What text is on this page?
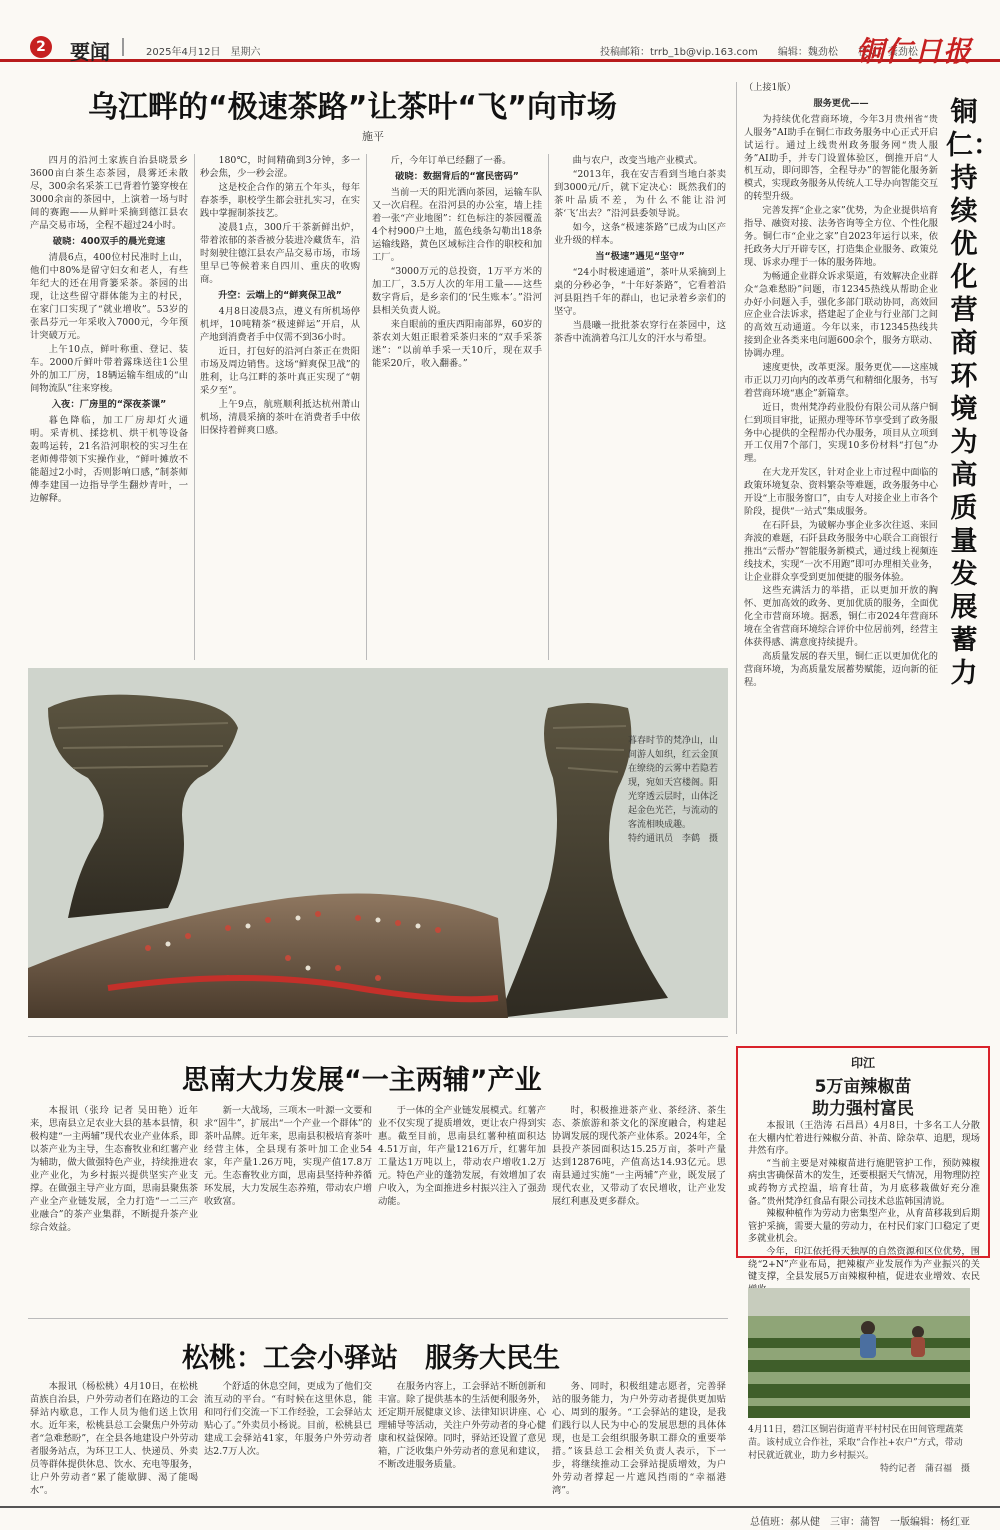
2	要闻	2025年4月12日　星期六	投稿邮箱：trrb_1b@vip.163.com　　编辑：魏劲松　　校对：龚劲松
铜仁日报
乌江畔的“极速茶路”让茶叶“飞”向市场
施平

四月的沿河土家族自治县晓景乡3600亩白茶生态茶园，晨雾还未散尽，300余名采茶工已背着竹篓穿梭在3000余亩的茶园中，上演着一场与时间的赛跑——从鲜叶采摘到德江县农产品交易市场，全程不超过24小时。

破晓：400双手的晨光竞速

清晨6点，400位村民准时上山，他们中80%是留守妇女和老人，有些年纪大的还在用背篓采茶。茶园的出现，让这些留守群体能为主的村民，在家门口实现了“就业增收”。53岁的张昌芬元一年采收入7000元，今年预计突破万元。

上午10点，鲜叶称重、登记、装车。2000斤鲜叶带着露珠送往1公里外的加工厂房，18辆运输车组成的“山间物流队”往来穿梭。

入夜：厂房里的“深夜茶课”

暮色降临，加工厂房却灯火通明。采青机、揉捻机、烘干机等设备轰鸣运转，21名沿河职校的实习生在老师傅带领下实操作业，“鲜叶摊放不能超过2小时，否则影响口感，”制茶师傅李建国一边指导学生翻炒青叶，一边解释。

180℃，时间精确到3分钟，多一秒会焦，少一秒会涩。

这是校企合作的第五个年头，每年春茶季，职校学生都会驻扎实习，在实践中掌握制茶技艺。

凌晨1点，300斤干茶新鲜出炉，带着浓郁的茶香被分装进冷藏货车，沿时刻驶往德江县农产品交易市场，市场里早已等候着来自四川、重庆的收购商。

升空：云端上的“鲜爽保卫战”

4月8日凌晨3点，遵义有所机场停机坪，10吨精茶“极速鲜运”开启，从产地到消费者手中仅需不到36小时。

近日，打包好的沿河白茶正在贵阳市场及周边销售。这场“鲜爽保卫战”的胜利，让乌江畔的茶叶真正实现了“朝采夕至”。

上午9点，航班顺利抵达杭州萧山机场，清晨采摘的茶叶在消费者手中依旧保持着鲜爽口感。

斤，今年订单已经翻了一番。

破晓：数据背后的“富民密码”

当前一天的阳光洒向茶园，运输车队又一次启程。在沿河县的办公室，墙上挂着一张“产业地图”：红色标注的茶园覆盖4个村900户土地，蓝色线条勾勒出18条运输线路，黄色区域标注合作的职校和加工厂。

“3000万元的总投资，1万平方米的加工厂，3.5万人次的年用工量——这些数字背后，是乡亲们的‘民生账本’。”沿河县相关负责人说。

来自眼前的重庆西阳南部界，60岁的茶农刘大姐正眼着采茶归来的“双手采茶迷”：“以前单手采一天10斤，现在双手能采20斤，收入翻番。”

曲与农户，改变当地产业模式。

“2013年，我在安吉看到当地白茶卖到3000元/斤，就下定决心：既然我们的茶叶品质不差，为什么不能让沿河茶‘飞’出去？”沿河县委领导说。

如今，这条“极速茶路”已成为山区产业升级的样本。

当“极速”遇见“坚守”

“24小时极速通道”，茶叶从采摘到上桌的分秒必争，“十年好茶路”，它看着沿河县阻挡千年的群山，也记录着乡亲们的坚守。

当晨曦一批批茶农穿行在茶园中，这茶香中流淌着乌江儿女的汗水与希望。

暮春时节的梵净山，山间游人如织，红云金顶在缭绕的云雾中若隐若现，宛如天宫楼阁。阳光穿透云层时，山体泛起金色光芒，与流动的客流相映成趣。
特约通讯员　李鹤　摄
铜仁：持续优化营商环境为高质量发展蓄力

（上接1版）

服务更优——

为持续优化营商环境，今年3月贵州省“贵人服务”AI助手在铜仁市政务服务中心正式开启试运行。通过上线贵州政务服务网“贵人服务”AI助手，并专门设置体验区，倒推开启“人机互动，即问即答，全程导办”的智能化服务新模式，实现政务服务从传统人工导办向智能交互的转型升级。

完善发挥“企业之家”优势，为企业提供培育指导、融资对接、法务咨询等全方位、个性化服务。铜仁市“企业之家”自2023年运行以来，依托政务大厅开辟专区，打造集企业服务、政策兑现、诉求办理于一体的服务阵地。

为畅通企业群众诉求渠道，有效解决企业群众“急难愁盼”问题，市12345热线从帮助企业办好小问题入手，强化多部门联动协同，高效回应企业合法诉求，搭建起了企业与行业部门之间的高效互动通道。今年以来，市12345热线共接到企业各类来电问题600余个，服务方联动、协调办理。

速度更快，改革更深。服务更优——这座城市正以刀刃向内的改革勇气和精细化服务，书写着营商环境“惠企”新篇章。

近日，贵州梵净药业股份有限公司从落户铜仁到项目审批，证照办理等环节享受到了政务服务中心提供的全程帮办代办服务，项目从立项到开工仅用7个部门，实现10多份材料“打包”办理。

在大龙开发区，针对企业上市过程中面临的政策环境复杂、资料繁杂等难题，政务服务中心开设“上市服务窗口”，由专人对接企业上市各个阶段，提供“一站式”集成服务。

在石阡县，为破解办事企业多次往返、来回奔波的难题，石阡县政务服务中心联合工商银行推出“云帮办”智能服务新模式，通过线上视频连线技术，实现“一次不用跑”即可办理相关业务，让企业群众享受到更加便捷的服务体验。

这些充满活力的举措，正以更加开放的胸怀、更加高效的政务、更加优质的服务，全面优化全市营商环境。据悉，铜仁市2024年营商环境在全省营商环境综合评价中位居前列，经营主体获得感、满意度持续提升。

高质量发展的春天里，铜仁正以更加优化的营商环境，为高质量发展蓄势赋能，迈向新的征程。

思南大力发展“一主两辅”产业

本报讯（张玲 记者 吴田艳）近年来，思南县立足农业大县的基本县情，积极构建“一主两辅”现代农业产业体系，即以茶产业为主导，生态畜牧业和红薯产业为辅助，做大做强特色产业，持续推进农业产业化，为乡村振兴提供坚实产业支撑。在做强主导产业方面，思南县聚焦茶产业全产业链发展，全力打造“一二三产业融合”的茶产业集群，不断提升茶产业综合效益。

新一大战场，三项木一叶源一文要和求“固牛”，扩展出“一个产业一个群体”的茶叶品牌。近年来，思南县积极培育茶叶经营主体，全县现有茶叶加工企业54家，年产量1.26万吨，实现产值17.8万元。生态畜牧业方面，思南县坚持种养循环发展，大力发展生态养殖，带动农户增收致富。

于一体的全产业链发展模式。红薯产业不仅实现了提质增效，更让农户得到实惠。截至目前，思南县红薯种植面积达4.51万亩，年产量1216万斤，红薯年加工量达1万吨以上，带动农户增收1.2万元。特色产业的蓬勃发展，有效增加了农户收入，为全面推进乡村振兴注入了强劲动能。

时，积极推进茶产业、茶经济、茶生态、茶旅游和茶文化的深度融合，构建起协调发展的现代茶产业体系。2024年，全县投产茶园面积达15.25万亩，茶叶产量达到12876吨，产值高达14.93亿元。思南县通过实施“一主两辅”产业，既发展了现代农业，又带动了农民增收，让产业发展红利惠及更多群众。

印江
5万亩辣椒苗
助力强村富民

本报讯（王浩涛 石昌昌）4月8日，十多名工人分散在大棚内忙着进行辣椒分苗、补苗、除杂草、追肥，现场井然有序。

“当前主要是对辣椒苗进行施肥管护工作，预防辣椒病虫害确保苗木的发生，还要根据天气情况，用物理防控或药物方式控温，培育壮苗，为月底移栽做好充分准备。”贵州梵净红食品有限公司技术总监韩国清说。

辣椒种植作为劳动力密集型产业，从育苗移栽到后期管护采摘，需要大量的劳动力，在村民们家门口稳定了更多就业机会。

今年，印江依托得天独厚的自然资源和区位优势，围绕“2+N”产业布局，把辣椒产业发展作为产业振兴的关键支撑，全县发展5万亩辣椒种植，促进农业增效、农民

4月11日，碧江区铜岩街道青平村村民在田间管理蔬菜苗。该村成立合作社，采取“合作社+农户”方式，带动村民就近就业，助力乡村振兴。

特约记者　蒲召福　摄
松桃：工会小驿站　服务大民生

本报讯（杨松桃）4月10日，在松桃苗族自治县，户外劳动者们在路边的工会驿站内歇息，工作人员为他们送上饮用水。近年来，松桃县总工会聚焦户外劳动者“急难愁盼”，在全县各地建设户外劳动者服务站点，为环卫工人、快递员、外卖员等群体提供休息、饮水、充电等服务，让户外劳动者“累了能歇脚、渴了能喝水”。

个舒适的休息空间，更成为了他们交流互动的平台。“有时候在这里休息，能和同行们交流一下工作经验，工会驿站太贴心了。”外卖员小杨说。目前，松桃县已建成工会驿站41家，年服务户外劳动者达2.7万人次。

在服务内容上，工会驿站不断创新和丰富。除了提供基本的生活便利服务外，还定期开展健康义诊、法律知识讲座、心理辅导等活动，关注户外劳动者的身心健康和权益保障。同时，驿站还设置了意见箱，广泛收集户外劳动者的意见和建议，不断改进服务质量。

务、同时，积极组建志愿者，完善驿站的服务能力，为户外劳动者提供更加贴心、周到的服务。“工会驿站的建设，是我们践行以人民为中心的发展思想的具体体现，也是工会组织服务职工群众的重要举措。”该县总工会相关负责人表示，下一步，将继续推动工会驿站提质增效，为户外劳动者撑起一片遮风挡雨的“幸福港湾”。

总值班：郝从健　三审：蒲智　一版编辑：杨红亚
